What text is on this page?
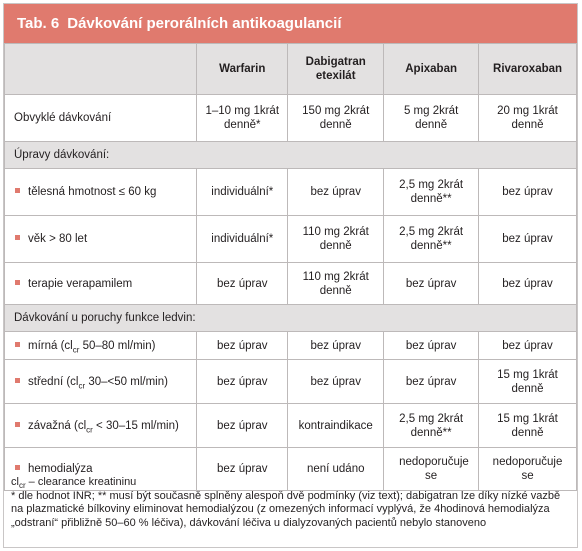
Tab. 6 Dávkování perorálních antikoagulancií
	Warfarin	Dabigatran etexilát	Apixaban	Rivaroxaban
Obvyklé dávkování	1–10 mg 1krát denně*	150 mg 2krát denně	5 mg 2krát denně	20 mg 1krát denně
Úpravy dávkování:				
tělesná hmotnost ≤ 60 kg	individuální*	bez úprav	2,5 mg 2krát denně**	bez úprav
věk > 80 let	individuální*	110 mg 2krát denně	2,5 mg 2krát denně**	bez úprav
terapie verapamilem	bez úprav	110 mg 2krát denně	bez úprav	bez úprav
Dávkování u poruchy funkce ledvin:				
mírná ($cl_{cr}$ 50–80 ml/min)	bez úprav	bez úprav	bez úprav	bez úprav
střední ($cl_{cr}$ 30–<50 ml/min)	bez úprav	bez úprav	bez úprav	15 mg 1krát denně
závažná ($cl_{cr} < 30-15$ ml/min)	bez úprav	kontraindikace	2,5 mg 2krát denně**	15 mg 1krát denně
hemodialýza	bez úprav	není udáno	nedoporučuje se	nedoporučuje se
$cl_{cr}$ – clearance kreatininu
* dle hodnot INR; ** musí být současně splněny alespoň dvě podmínky (viz text); dabigatran lze díky nízké vazbě na plazmatické bílkoviny eliminovat hemodialýzou (z omezených informací vyplývá, že 4hodinová hemodialýza „odstraní“ přibližně 50–60 % léčiva), dávkování léčiva u dialyzovaných pacientů nebylo stanoveno
